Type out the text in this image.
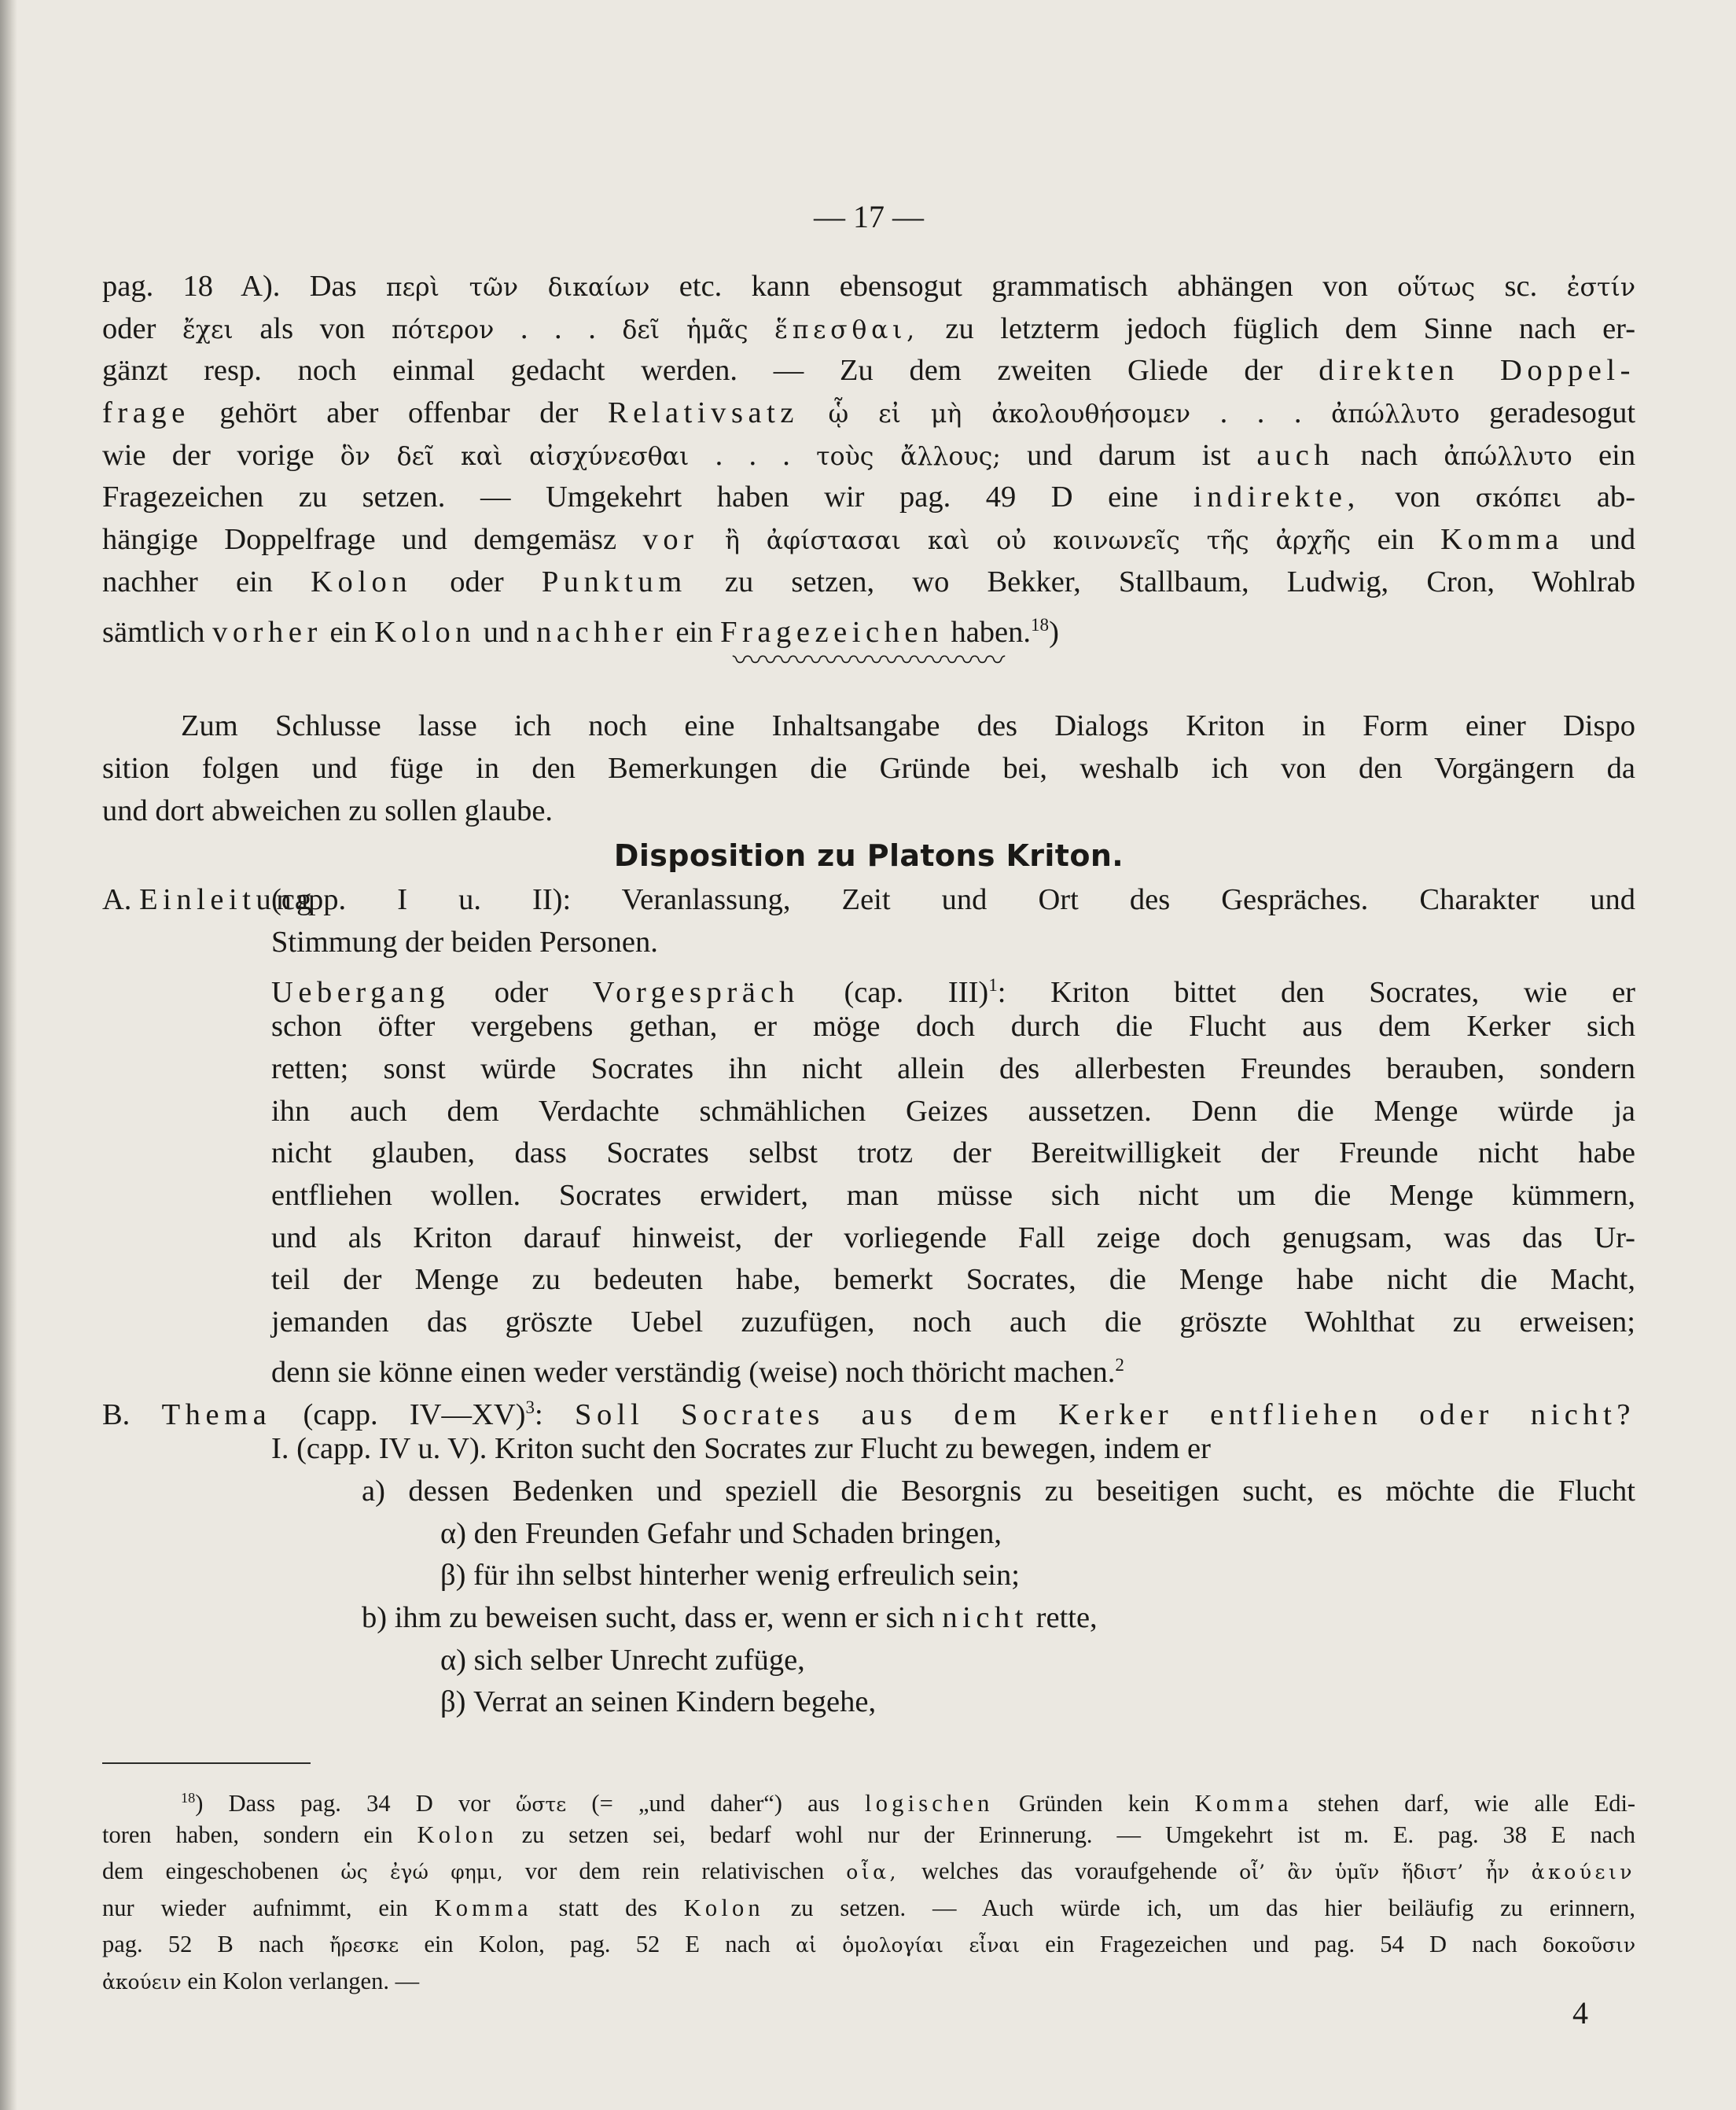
— 17 —
pag. 18 A). Das περὶ τῶν δικαίων etc. kann ebensogut grammatisch abhängen von οὕτως sc. ἐστίν
oder ἔχει als von πότερον . . . δεῖ ἡμᾶς ἕπεσθαι, zu letzterm jedoch füglich dem Sinne nach er-
gänzt resp. noch einmal gedacht werden. — Zu dem zweiten Gliede der direkten Doppel-
frage gehört aber offenbar der Relativsatz ᾧ εἰ μὴ ἀκολουθήσομεν . . . ἀπώλλυτο geradesogut
wie der vorige ὃν δεῖ καὶ αἰσχύνεσθαι . . . τοὺς ἄλλους; und darum ist auch nach ἀπώλλυτο ein
Fragezeichen zu setzen. — Umgekehrt haben wir pag. 49 D eine indirekte, von σκόπει ab-
hängige Doppelfrage und demgemäsz vor ἢ ἀφίστασαι καὶ οὐ κοινωνεῖς τῆς ἀρχῆς ein Komma und
nachher ein Kolon oder Punktum zu setzen, wo Bekker, Stallbaum, Ludwig, Cron, Wohlrab
sämtlich vorher ein Kolon und nachher ein Fragezeichen haben.$^{18}$)
〰〰〰〰〰〰〰〰〰
Zum Schlusse lasse ich noch eine Inhaltsangabe des Dialogs Kriton in Form einer Dispo
sition folgen und füge in den Bemerkungen die Gründe bei, weshalb ich von den Vorgängern da
und dort abweichen zu sollen glaube.
Disposition zu Platons Kriton.
A. Einleitung
(capp. I u. II): Veranlassung, Zeit und Ort des Gespräches. Charakter und
Stimmung der beiden Personen.
Uebergang oder Vorgespräch (cap. III)$^1$: Kriton bittet den Socrates, wie er
schon öfter vergebens gethan, er möge doch durch die Flucht aus dem Kerker sich
retten; sonst würde Socrates ihn nicht allein des allerbesten Freundes berauben, sondern
ihn auch dem Verdachte schmählichen Geizes aussetzen. Denn die Menge würde ja
nicht glauben, dass Socrates selbst trotz der Bereitwilligkeit der Freunde nicht habe
entfliehen wollen. Socrates erwidert, man müsse sich nicht um die Menge kümmern,
und als Kriton darauf hinweist, der vorliegende Fall zeige doch genugsam, was das Ur-
teil der Menge zu bedeuten habe, bemerkt Socrates, die Menge habe nicht die Macht,
jemanden das gröszte Uebel zuzufügen, noch auch die gröszte Wohlthat zu erweisen;
denn sie könne einen weder verständig (weise) noch thöricht machen.$^2$
B. Thema (capp. IV—XV)$^3$: Soll Socrates aus dem Kerker entfliehen oder nicht?
I. (capp. IV u. V). Kriton sucht den Socrates zur Flucht zu bewegen, indem er
a) dessen Bedenken und speziell die Besorgnis zu beseitigen sucht, es möchte die Flucht
α) den Freunden Gefahr und Schaden bringen,
β) für ihn selbst hinterher wenig erfreulich sein;
b) ihm zu beweisen sucht, dass er, wenn er sich nicht rette,
α) sich selber Unrecht zufüge,
β) Verrat an seinen Kindern begehe,
$^{18}$) Dass pag. 34 D vor ὥστε (= „und daher“) aus logischen Gründen kein Komma stehen darf, wie alle Edi-
toren haben, sondern ein Kolon zu setzen sei, bedarf wohl nur der Erinnerung. — Umgekehrt ist m. E. pag. 38 E nach
dem eingeschobenen ὡς ἐγώ φημι, vor dem rein relativischen οἷα, welches das voraufgehende οἷ’ ἂν ὑμῖν ἥδιστ’ ἦν ἀκούειν
nur wieder aufnimmt, ein Komma statt des Kolon zu setzen. — Auch würde ich, um das hier beiläufig zu erinnern,
pag. 52 B nach ἤρεσκε ein Kolon, pag. 52 E nach αἱ ὁμολογίαι εἶναι ein Fragezeichen und pag. 54 D nach δοκοῦσιν
ἀκούειν ein Kolon verlangen. —
4
